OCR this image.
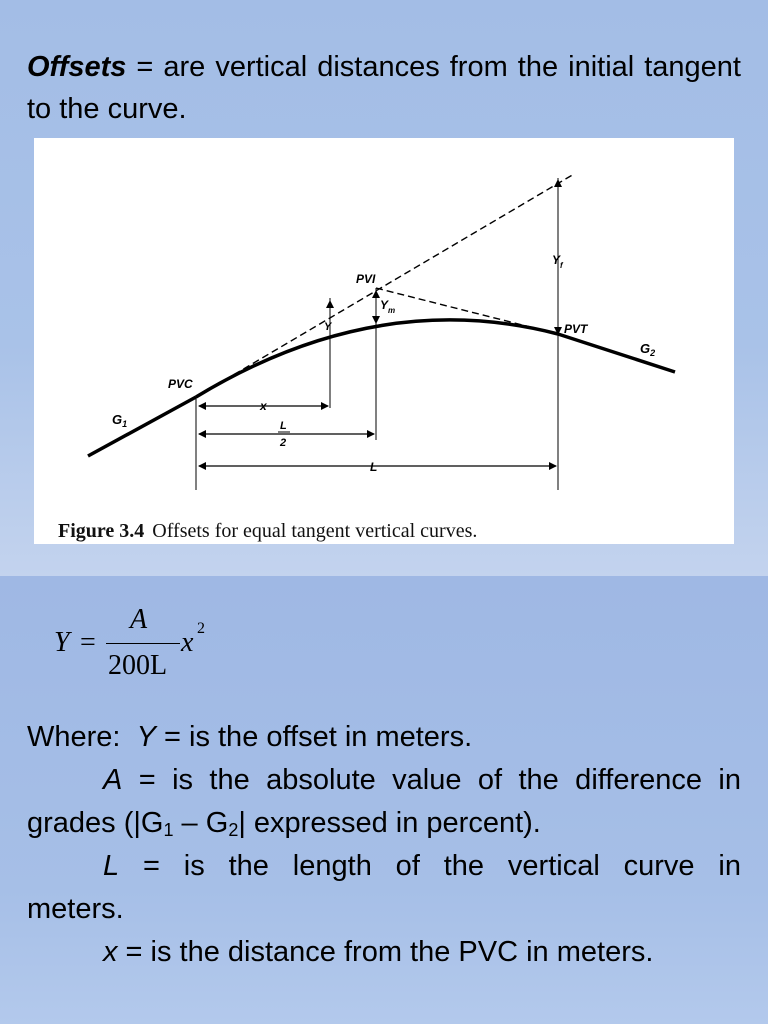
Offsets = are vertical distances from the initial tangent to the curve.
PVI
PVC
PVT
$G_1$
$G_2$
Y
$Y_m$
$Y_f$
x
L
2
L
Figure 3.4 Offsets for equal tangent vertical curves.
Y =
A
200L
x 2
Where: Y = is the offset in meters.
A = is the absolute value of the difference in
grades ($|G_1 - G_2|$ expressed in percent).
L = is the length of the vertical curve in
meters.
x = is the distance from the PVC in meters.
